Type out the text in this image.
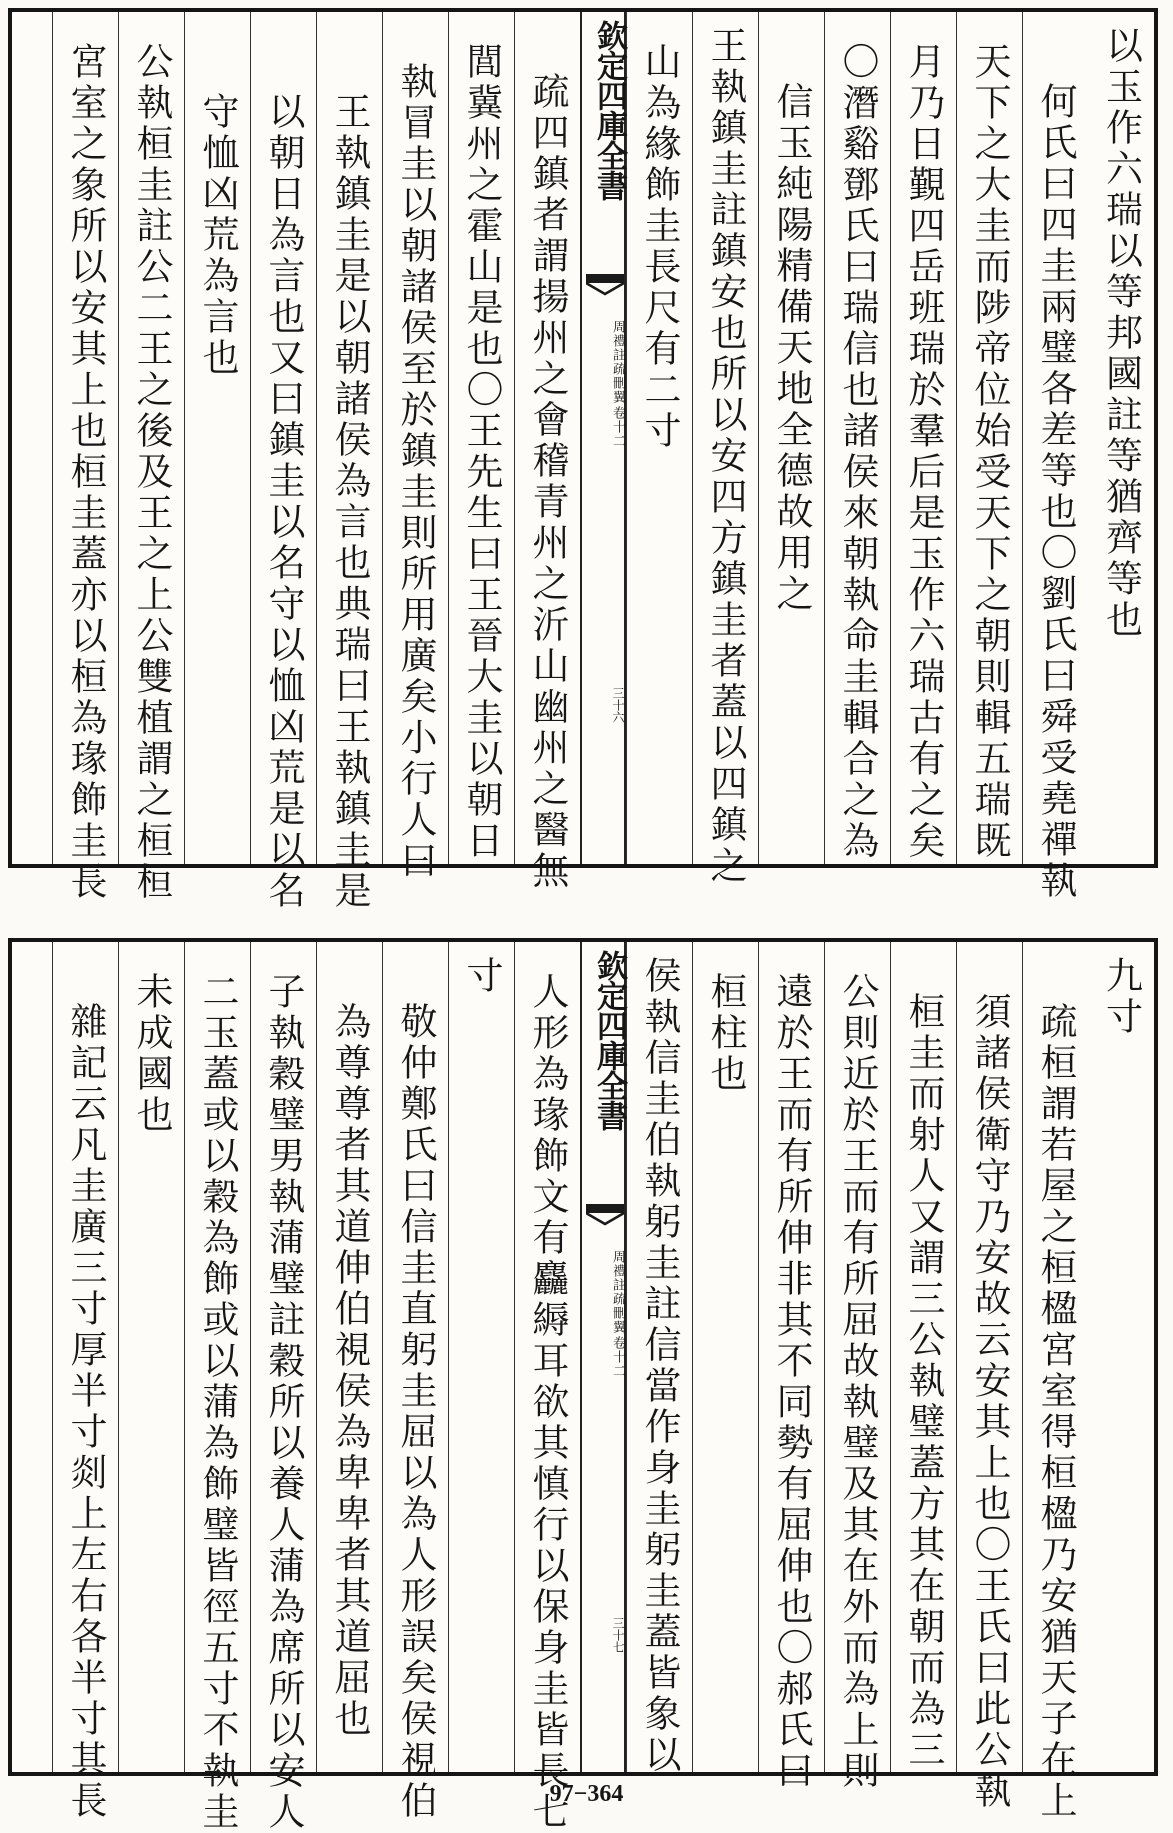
以玉作六瑞以等邦國註等猶齊等也
何氏曰四圭兩璧各差等也〇劉氏曰舜受堯禪執
天下之大圭而陟帝位始受天下之朝則輯五瑞既
月乃日覲四岳班瑞於羣后是玉作六瑞古有之矣
〇潛谿鄧氏曰瑞信也諸侯來朝執命圭輯合之為
信玉純陽精備天地全德故用之
王執鎮圭註鎮安也所以安四方鎮圭者蓋以四鎮之
山為緣飾圭長尺有二寸
欽定四庫全書
周禮註疏刪翼
卷十二
三十六
疏四鎮者謂揚州之會稽青州之沂山幽州之醫無
閭冀州之霍山是也〇王先生曰王晉大圭以朝日
執冒圭以朝諸侯至於鎮圭則所用廣矣小行人曰
王執鎮圭是以朝諸侯為言也典瑞曰王執鎮圭是
以朝日為言也又曰鎮圭以名守以恤凶荒是以名
守恤凶荒為言也
公執桓圭註公二王之後及王之上公雙植謂之桓桓
宮室之象所以安其上也桓圭蓋亦以桓為瑑飾圭長
九寸
疏桓謂若屋之桓楹宮室得桓楹乃安猶天子在上
須諸侯衛守乃安故云安其上也〇王氏曰此公執
桓圭而射人又謂三公執璧蓋方其在朝而為三
公則近於王而有所屈故執璧及其在外而為上則
遠於王而有所伸非其不同勢有屈伸也〇郝氏曰
桓柱也
侯執信圭伯執躬圭註信當作身圭躬圭蓋皆象以
欽定四庫全書
周禮註疏刪翼
卷十二
三十七
人形為瑑飾文有麤縟耳欲其慎行以保身圭皆長七
寸
敬仲鄭氏曰信圭直躬圭屈以為人形誤矣侯視伯
為尊尊者其道伸伯視侯為卑卑者其道屈也
子執穀璧男執蒲璧註穀所以養人蒲為席所以安人
二玉蓋或以穀為飾或以蒲為飾璧皆徑五寸不執圭
未成國也
雜記云凡圭廣三寸厚半寸剡上左右各半寸其長	97−364
